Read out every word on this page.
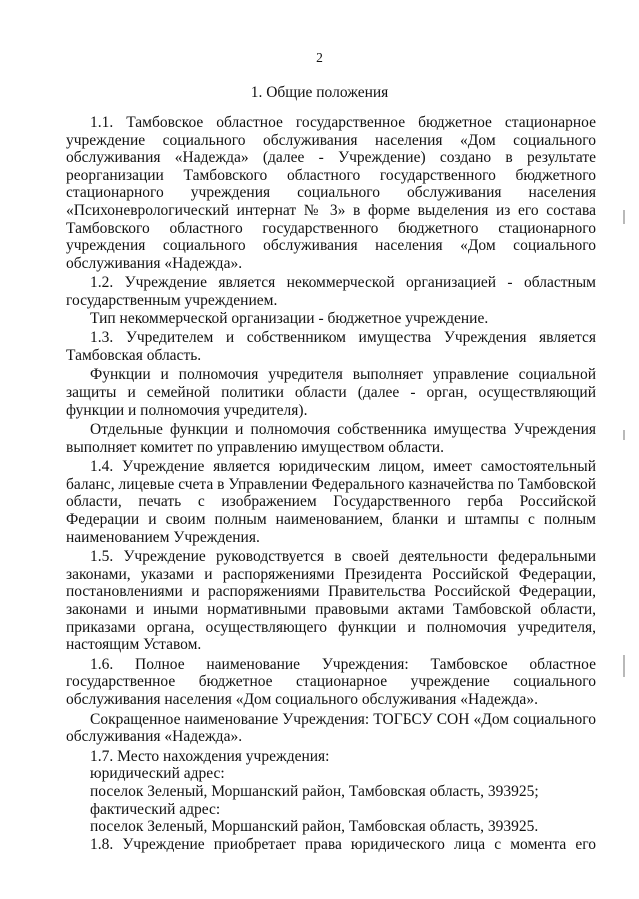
2
1. Общие положения

1.1. Тамбовское областное государственное бюджетное стационарное учреждение социального обслуживания населения «Дом социального обслуживания «Надежда» (далее - Учреждение) создано в результате реорганизации Тамбовского областного государственного бюджетного стационарного учреждения социального обслуживания населения «Психоневрологический интернат № 3» в форме выделения из его состава Тамбовского областного государственного бюджетного стационарного учреждения социального обслуживания населения «Дом социального обслуживания «Надежда».

1.2. Учреждение является некоммерческой организацией - областным государственным учреждением.

Тип некоммерческой организации - бюджетное учреждение.

1.3. Учредителем и собственником имущества Учреждения является Тамбовская область.

Функции и полномочия учредителя выполняет управление социальной защиты и семейной политики области (далее - орган, осуществляющий функции и полномочия учредителя).

Отдельные функции и полномочия собственника имущества Учреждения выполняет комитет по управлению имуществом области.

1.4. Учреждение является юридическим лицом, имеет самостоятельный баланс, лицевые счета в Управлении Федерального казначейства по Тамбовской области, печать с изображением Государственного герба Российской Федерации и своим полным наименованием, бланки и штампы с полным наименованием Учреждения.

1.5. Учреждение руководствуется в своей деятельности федеральными законами, указами и распоряжениями Президента Российской Федерации, постановлениями и распоряжениями Правительства Российской Федерации, законами и иными нормативными правовыми актами Тамбовской области, приказами органа, осуществляющего функции и полномочия учредителя, настоящим Уставом.

1.6. Полное наименование Учреждения: Тамбовское областное государственное бюджетное стационарное учреждение социального обслуживания населения «Дом социального обслуживания «Надежда».

Сокращенное наименование Учреждения: ТОГБСУ СОН «Дом социального обслуживания «Надежда».

1.7. Место нахождения учреждения:

юридический адрес:

поселок Зеленый, Моршанский район, Тамбовская область, 393925;

фактический адрес:

поселок Зеленый, Моршанский район, Тамбовская область, 393925.

1.8. Учреждение приобретает права юридического лица с момента его
